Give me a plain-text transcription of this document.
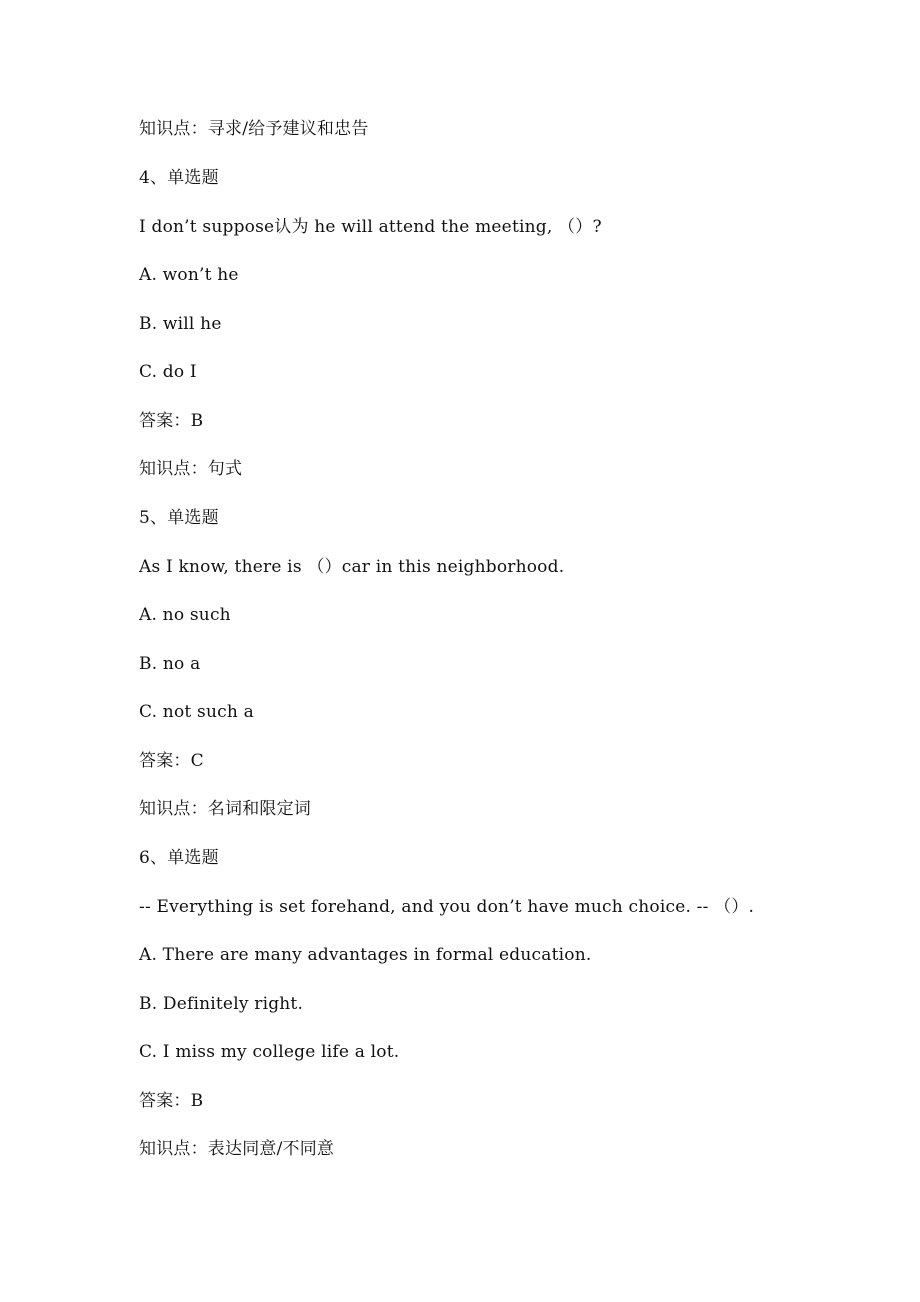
知识点：寻求/给予建议和忠告
4、单选题
I don’t suppose认为 he will attend the meeting, （）?
A. won’t he
B. will he
C. do I
答案：B
知识点：句式
5、单选题
As I know, there is （）car in this neighborhood.
A. no such
B. no a
C. not such a
答案：C
知识点：名词和限定词
6、单选题
-- Everything is set forehand, and you don’t have much choice. -- （）.
A. There are many advantages in formal education.
B. Definitely right.
C. I miss my college life a lot.
答案：B
知识点：表达同意/不同意
